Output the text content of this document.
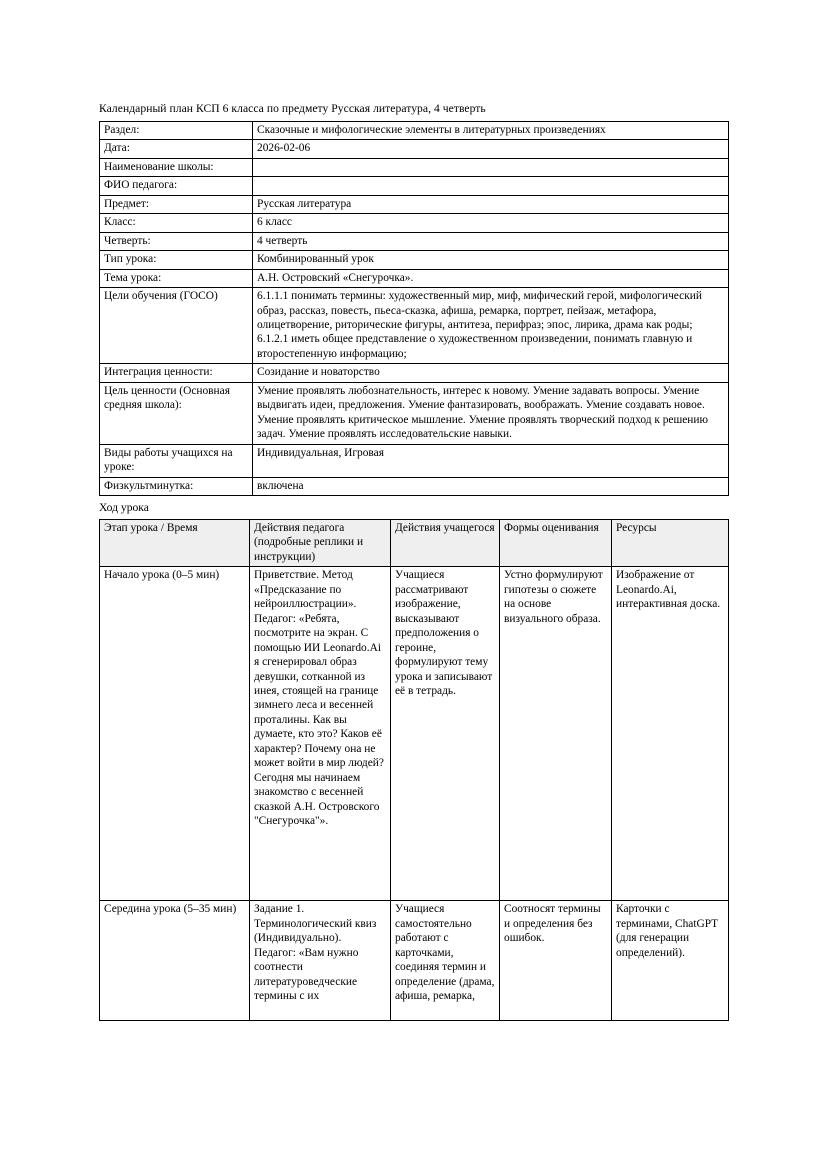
Календарный план КСП 6 класса по предмету Русская литература, 4 четверть

Раздел:	Сказочные и мифологические элементы в литературных произведениях
Дата:	2026-02-06
Наименование школы:	
ФИО педагога:	
Предмет:	Русская литература
Класс:	6 класс
Четверть:	4 четверть
Тип урока:	Комбинированный урок
Тема урока:	А.Н. Островский «Снегурочка».
Цели обучения (ГОСО)	6.1.1.1 понимать термины: художественный мир, миф, мифический герой, мифологический образ, рассказ, повесть, пьеса-сказка, афиша, ремарка, портрет, пейзаж, метафора, олицетворение, риторические фигуры, антитеза, перифраз; эпос, лирика, драма как роды; 6.1.2.1 иметь общее представление о художественном произведении, понимать главную и второстепенную информацию;
Интеграция ценности:	Созидание и новаторство
Цель ценности (Основная средняя школа):	Умение проявлять любознательность, интерес к новому. Умение задавать вопросы. Умение выдвигать идеи, предложения. Умение фантазировать, воображать. Умение создавать новое. Умение проявлять критическое мышление. Умение проявлять творческий подход к решению задач. Умение проявлять исследовательские навыки.
Виды работы учащихся на уроке:	Индивидуальная, Игровая
Физкультминутка:	включена

Ход урока

Этап урока / Время	Действия педагога (подробные реплики и инструкции)	Действия учащегося	Формы оценивания	Ресурсы
Начало урока (0–5 мин)	Приветствие. Метод «Предсказание по нейроиллюстрации». Педагог: «Ребята, посмотрите на экран. С помощью ИИ Leonardo.Ai я сгенерировал образ девушки, сотканной из инея, стоящей на границе зимнего леса и весенней проталины. Как вы думаете, кто это? Каков её характер? Почему она не может войти в мир людей? Сегодня мы начинаем знакомство с весенней сказкой А.Н. Островского "Снегурочка"».	Учащиеся рассматривают изображение, высказывают предположения о героине, формулируют тему урока и записывают её в тетрадь.	Устно формулируют гипотезы о сюжете на основе визуального образа.	Изображение от Leonardo.Ai, интерактивная доска.
Середина урока (5–35 мин)	Задание 1. Терминологический квиз (Индивидуально). Педагог: «Вам нужно соотнести литературоведческие термины с их	Учащиеся самостоятельно работают с карточками, соединяя термин и определение (драма, афиша, ремарка,	Соотносят термины и определения без ошибок.	Карточки с терминами, ChatGPT (для генерации определений).
